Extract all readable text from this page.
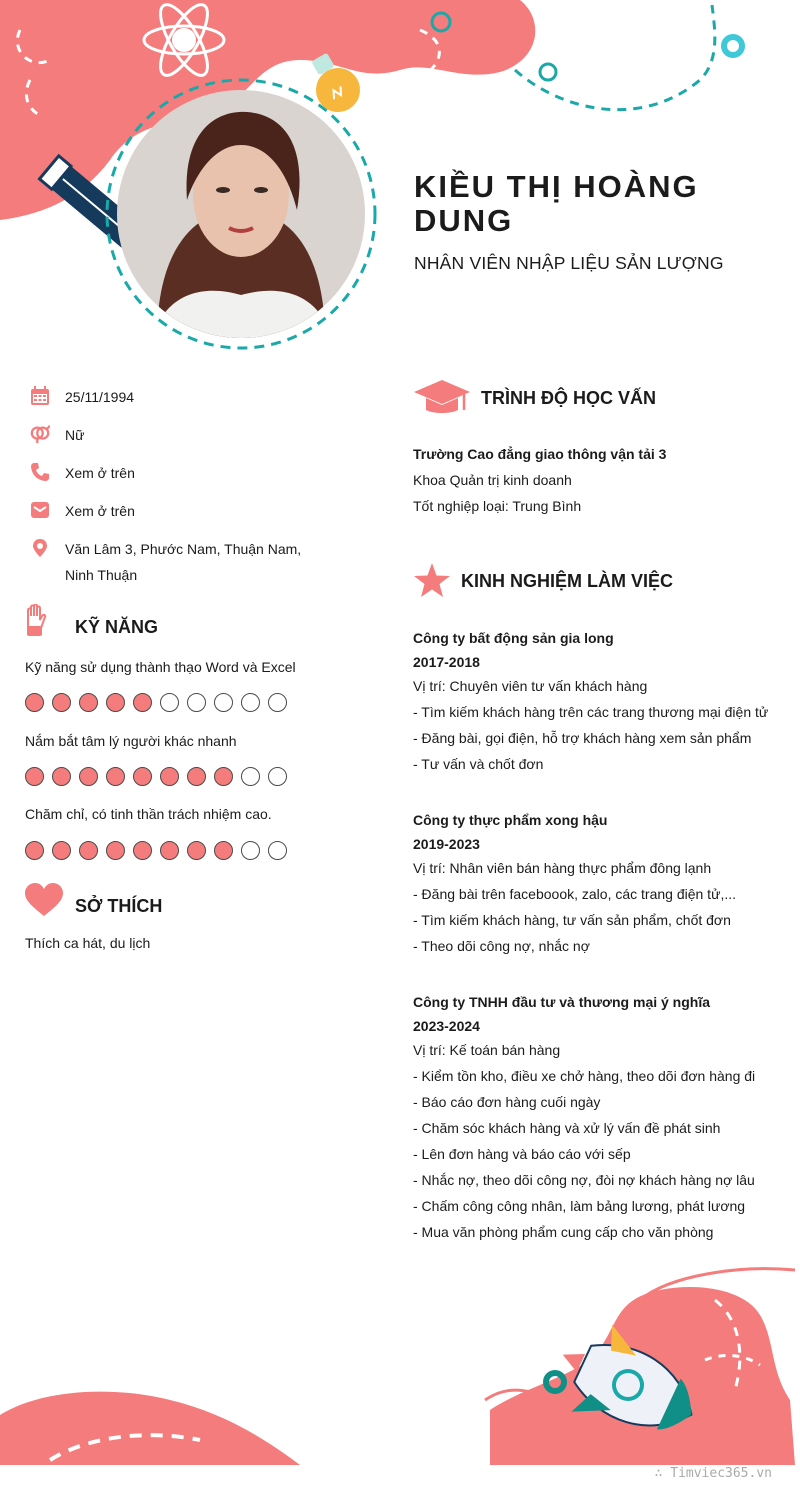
KIỀU THỊ HOÀNG DUNG
NHÂN VIÊN NHẬP LIỆU SẢN LƯỢNG
25/11/1994
Nữ
Xem ở trên
Xem ở trên
Văn Lâm 3, Phước Nam, Thuận Nam, Ninh Thuận
KỸ NĂNG
Kỹ năng sử dụng thành thạo Word và Excel
Nắm bắt tâm lý người khác nhanh
Chăm chỉ, có tinh thần trách nhiệm cao.
SỞ THÍCH
Thích ca hát, du lịch
TRÌNH ĐỘ HỌC VẤN
Trường Cao đẳng giao thông vận tải 3
Khoa Quản trị kinh doanh
Tốt nghiệp loại: Trung Bình
KINH NGHIỆM LÀM VIỆC
Công ty bất động sản gia long
2017-2018
Vị trí: Chuyên viên tư vấn khách hàng
- Tìm kiếm khách hàng trên các trang thương mại điện tử
- Đăng bài, gọi điện, hỗ trợ khách hàng xem sản phẩm
- Tư vấn và chốt đơn
Công ty thực phẩm xong hậu
2019-2023
Vị trí: Nhân viên bán hàng thực phẩm đông lạnh
- Đăng bài trên faceboook, zalo, các trang điện tử,...
- Tìm kiếm khách hàng, tư vấn sản phẩm, chốt đơn
- Theo dõi công nợ, nhắc nợ
Công ty TNHH đầu tư và thương mại ý nghĩa
2023-2024
Vị trí: Kế toán bán hàng
- Kiểm tồn kho, điều xe chở hàng, theo dõi đơn hàng đi
- Báo cáo đơn hàng cuối ngày
- Chăm sóc khách hàng và xử lý vấn đề phát sinh
- Lên đơn hàng và báo cáo với sếp
- Nhắc nợ, theo dõi công nợ, đòi nợ khách hàng nợ lâu
- Chấm công công nhân, làm bảng lương, phát lương
- Mua văn phòng phẩm cung cấp cho văn phòng
∴ Timviec365.vn
